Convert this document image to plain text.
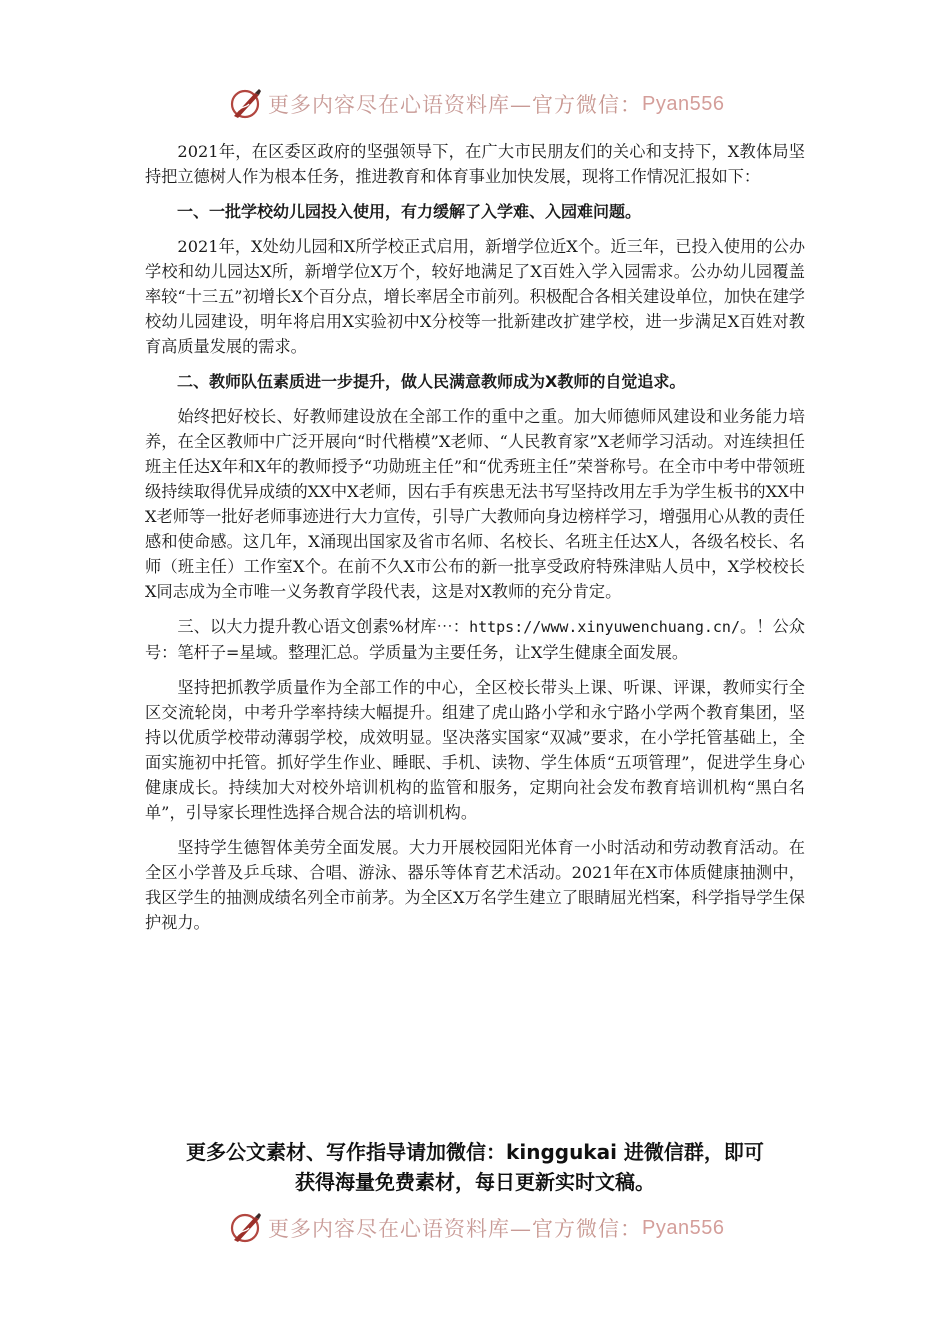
更多内容尽在心语资料库— 官方微信： Pyan556

2021年，在区委区政府的坚强领导下，在广大市民朋友们的关心和支持下，X教体局坚持把立德树人作为根本任务，推进教育和体育事业加快发展，现将工作情况汇报如下：

一、一批学校幼儿园投入使用，有力缓解了入学难、入园难问题。

2021年，X处幼儿园和X所学校正式启用，新增学位近X个。近三年，已投入使用的公办学校和幼儿园达X所，新增学位X万个，较好地满足了X百姓入学入园需求。公办幼儿园覆盖率较“十三五”初增长X个百分点，增长率居全市前列。积极配合各相关建设单位，加快在建学校幼儿园建设，明年将启用X实验初中X分校等一批新建改扩建学校，进一步满足X百姓对教育高质量发展的需求。

二、教师队伍素质进一步提升，做人民满意教师成为X教师的自觉追求。

始终把好校长、好教师建设放在全部工作的重中之重。加大师德师风建设和业务能力培养，在全区教师中广泛开展向“时代楷模”X老师、“人民教育家”X老师学习活动。对连续担任班主任达X年和X年的教师授予“功勋班主任”和“优秀班主任”荣誉称号。在全市中考中带领班级持续取得优异成绩的XX中X老师，因右手有疾患无法书写坚持改用左手为学生板书的XX中X老师等一批好老师事迹进行大力宣传，引导广大教师向身边榜样学习，增强用心从教的责任感和使命感。这几年，X涌现出国家及省市名师、名校长、名班主任达X人，各级名校长、名师（班主任）工作室X个。在前不久X市公布的新一批享受政府特殊津贴人员中，X学校校长X同志成为全市唯一义务教育学段代表，这是对X教师的充分肯定。

三、以大力提升教心语文创素%材库⋯：https://www.xinyuwenchuang.cn/。！公众号：笔杆子=星域。整理汇总。学质量为主要任务，让X学生健康全面发展。

坚持把抓教学质量作为全部工作的中心，全区校长带头上课、听课、评课，教师实行全区交流轮岗，中考升学率持续大幅提升。组建了虎山路小学和永宁路小学两个教育集团，坚持以优质学校带动薄弱学校，成效明显。坚决落实国家“双减”要求，在小学托管基础上，全面实施初中托管。抓好学生作业、睡眠、手机、读物、学生体质“五项管理”，促进学生身心健康成长。持续加大对校外培训机构的监管和服务，定期向社会发布教育培训机构“黑白名单”，引导家长理性选择合规合法的培训机构。

坚持学生德智体美劳全面发展。大力开展校园阳光体育一小时活动和劳动教育活动。在全区小学普及乒乓球、合唱、游泳、器乐等体育艺术活动。2021年在X市体质健康抽测中，我区学生的抽测成绩名列全市前茅。为全区X万名学生建立了眼睛屈光档案，科学指导学生保护视力。

更多公文素材、写作指导请加微信：kinggukai 进微信群，即可
获得海量免费素材，每日更新实时文稿。
更多内容尽在心语资料库— 官方微信： Pyan556
